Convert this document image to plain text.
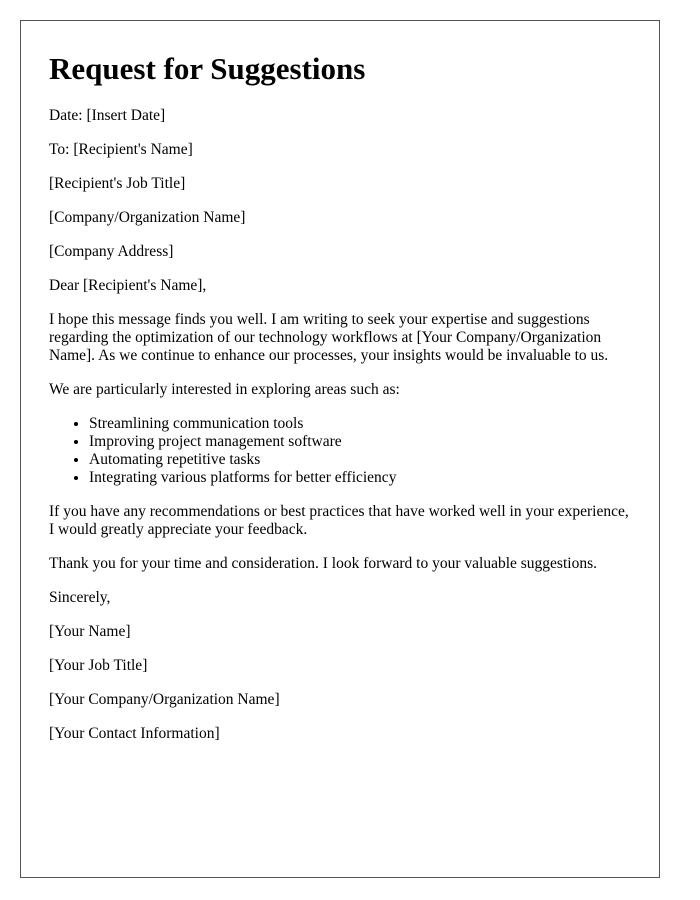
Request for Suggestions

Date: [Insert Date]

To: [Recipient's Name]

[Recipient's Job Title]

[Company/Organization Name]

[Company Address]

Dear [Recipient's Name],

I hope this message finds you well. I am writing to seek your expertise and suggestions regarding the optimization of our technology workflows at [Your Company/Organization Name]. As we continue to enhance our processes, your insights would be invaluable to us.

We are particularly interested in exploring areas such as:

• Streamlining communication tools
• Improving project management software
• Automating repetitive tasks
• Integrating various platforms for better efficiency

If you have any recommendations or best practices that have worked well in your experience, I would greatly appreciate your feedback.

Thank you for your time and consideration. I look forward to your valuable suggestions.

Sincerely,

[Your Name]

[Your Job Title]

[Your Company/Organization Name]

[Your Contact Information]
